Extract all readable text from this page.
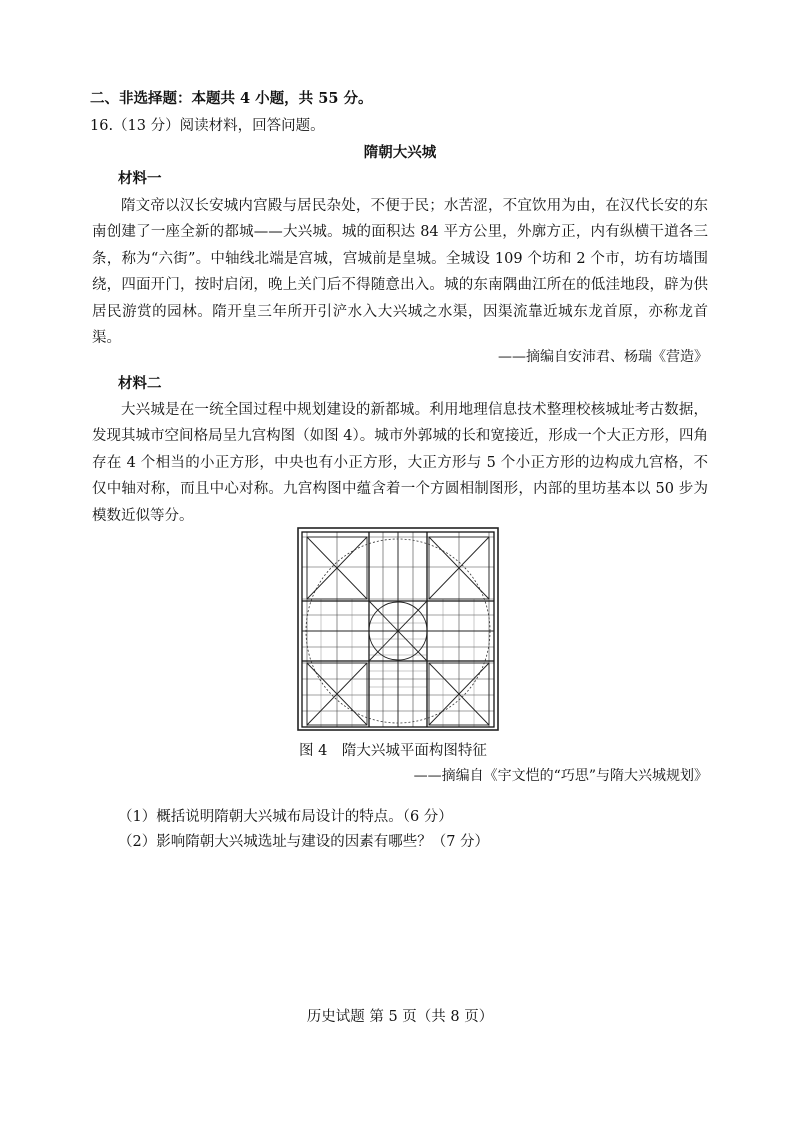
二、非选择题：本题共 4 小题，共 55 分。
16.（13 分）阅读材料，回答问题。
隋朝大兴城
材料一

隋文帝以汉长安城内宫殿与居民杂处，不便于民；水苦涩，不宜饮用为由，在汉代长安的东南创建了一座全新的都城——大兴城。城的面积达 84 平方公里，外廓方正，内有纵横干道各三条，称为“六街”。中轴线北端是宫城，宫城前是皇城。全城设 109 个坊和 2 个市，坊有坊墙围绕，四面开门，按时启闭，晚上关门后不得随意出入。城的东南隅曲江所在的低洼地段，辟为供居民游赏的园林。隋开皇三年所开引浐水入大兴城之水渠，因渠流靠近城东龙首原，亦称龙首渠。

——摘编自安沛君、杨瑞《营造》
材料二

大兴城是在一统全国过程中规划建设的新都城。利用地理信息技术整理校核城址考古数据，发现其城市空间格局呈九宫构图（如图 4）。城市外郭城的长和宽接近，形成一个大正方形，四角存在 4 个相当的小正方形，中央也有小正方形，大正方形与 5 个小正方形的边构成九宫格，不仅中轴对称，而且中心对称。九宫构图中蕴含着一个方圆相制图形，内部的里坊基本以 50 步为模数近似等分。

图 4　隋大兴城平面构图特征
——摘编自《宇文恺的“巧思”与隋大兴城规划》
（1）概括说明隋朝大兴城布局设计的特点。（6 分）
（2）影响隋朝大兴城选址与建设的因素有哪些？（7 分）
历史试题 第 5 页（共 8 页）
